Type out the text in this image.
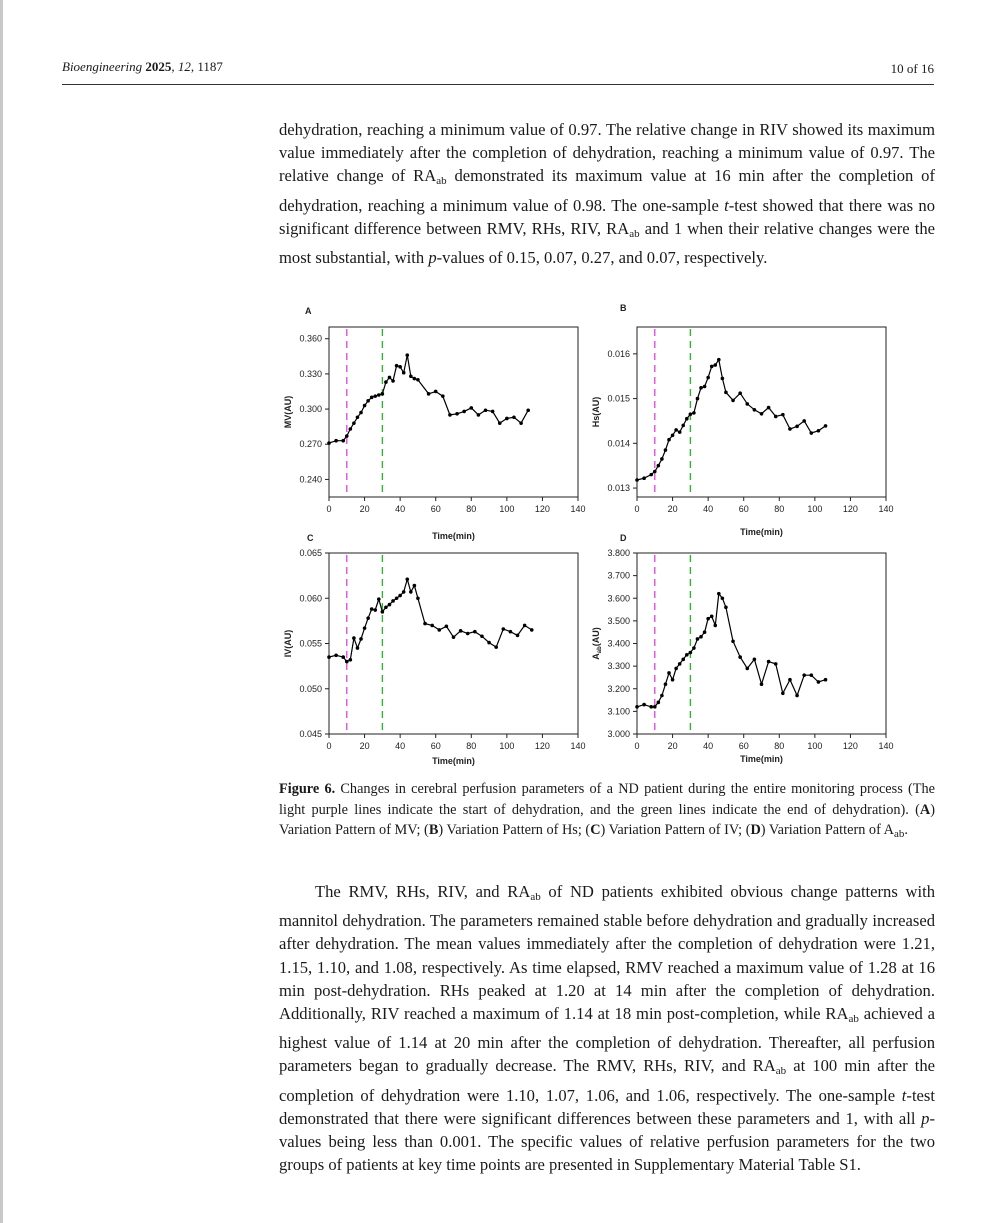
Bioengineering 2025, 12, 1187	10 of 16

dehydration, reaching a minimum value of 0.97. The relative change in RIV showed its maximum value immediately after the completion of dehydration, reaching a minimum value of 0.97. The relative change of $RA_{ab}$ demonstrated its maximum value at 16 min after the completion of dehydration, reaching a minimum value of 0.98. The one-sample t-test showed that there was no significant difference between RMV, RHs, RIV, $RA_{ab}$ and 1 when their relative changes were the most substantial, with p-values of 0.15, 0.07, 0.27, and 0.07, respectively.

A
0	20	40	60	80	100 120 140
0.240
0.270
0.300
0.330
0.360
Time(min)
MV(AU)
B
0	20	40	60	80	100 120 140
0.013
0.014
0.015
0.016
Time(min)
Hs(AU)
C
0	20	40	60	80	100 120 140
0.045
0.050
0.055
0.060
0.065
Time(min)
IV(AU)
D
0	20	40	60	80	100 120 140
3.000
3.100
3.200
3.300
3.400
3.500
3.600
3.700
3.800
Time(min)
$A_{ab}(AU)$
Figure 6. Changes in cerebral perfusion parameters of a ND patient during the entire monitoring process (The light purple lines indicate the start of dehydration, and the green lines indicate the end of dehydration). (A) Variation Pattern of MV; (B) Variation Pattern of Hs; (C) Variation Pattern of IV; (D) Variation Pattern of $A_{ab}$.

The RMV, RHs, RIV, and $RA_{ab}$ of ND patients exhibited obvious change patterns with mannitol dehydration. The parameters remained stable before dehydration and gradually increased after dehydration. The mean values immediately after the completion of dehydration were 1.21, 1.15, 1.10, and 1.08, respectively. As time elapsed, RMV reached a maximum value of 1.28 at 16 min post-dehydration. RHs peaked at 1.20 at 14 min after the completion of dehydration. Additionally, RIV reached a maximum of 1.14 at 18 min post-completion, while $RA_{ab}$ achieved a highest value of 1.14 at 20 min after the completion of dehydration. Thereafter, all perfusion parameters began to gradually decrease. The RMV, RHs, RIV, and $RA_{ab}$ at 100 min after the completion of dehydration were 1.10, 1.07, 1.06, and 1.06, respectively. The one-sample t-test demonstrated that there were significant differences between these parameters and 1, with all p-values being less than 0.001. The specific values of relative perfusion parameters for the two groups of patients at key time points are presented in Supplementary Material Table S1.
